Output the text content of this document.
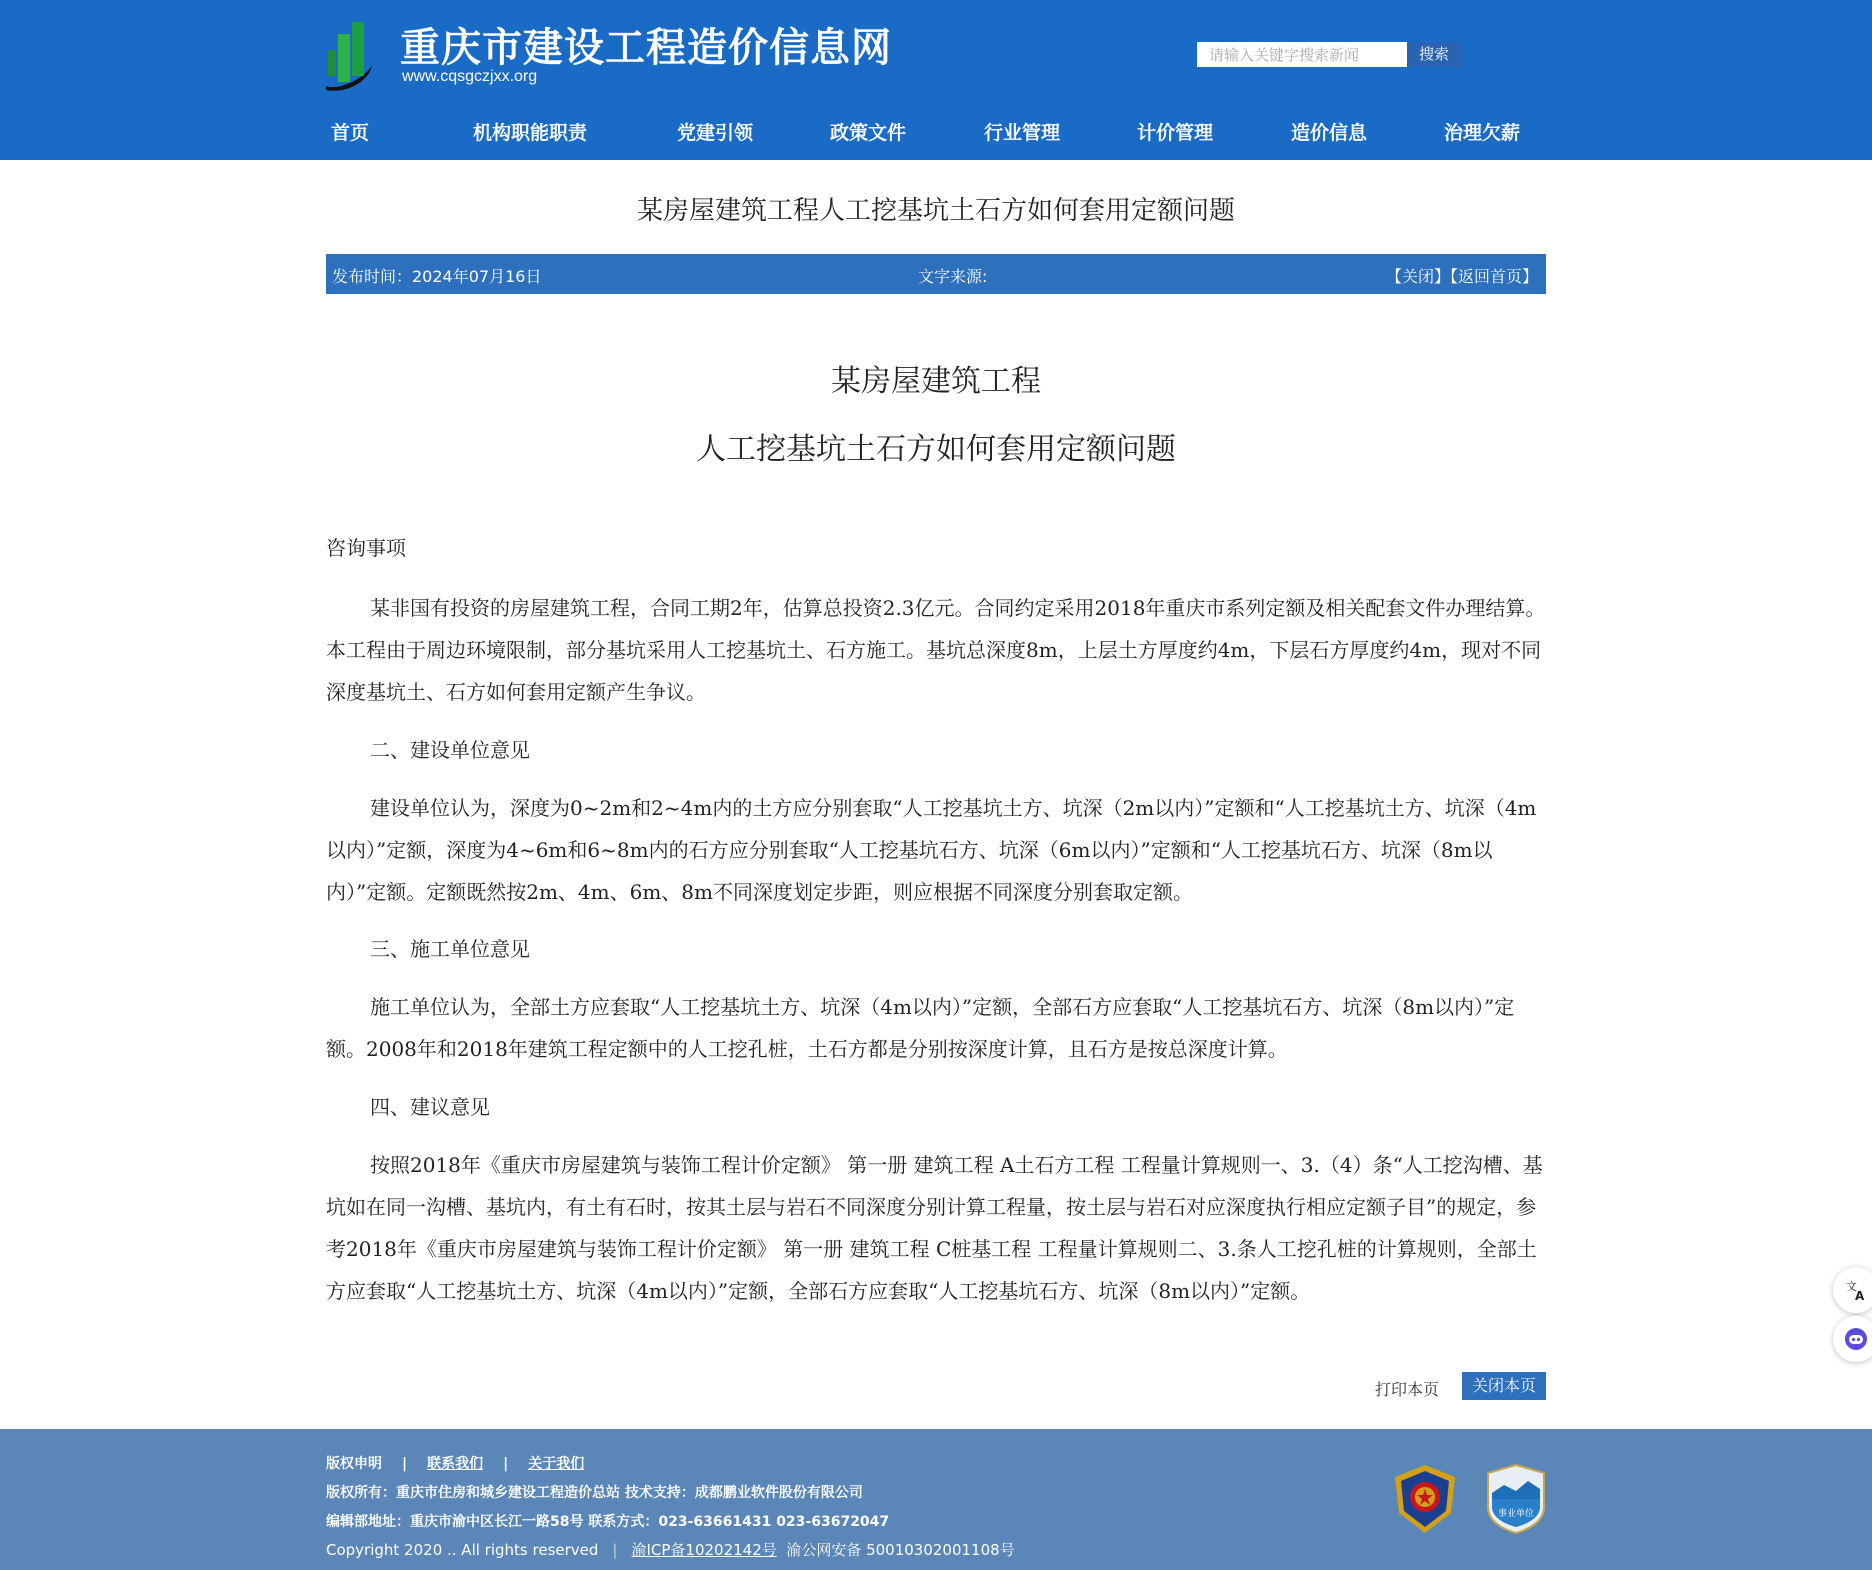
重庆市建设工程造价信息网
www.cqsgczjxx.org
请输入关键字搜索新闻
搜索
首页	机构职能职责	党建引领	政策文件	行业管理	计价管理	造价信息	治理欠薪
某房屋建筑工程人工挖基坑土石方如何套用定额问题
发布时间：2024年07月16日	文字来源:	【关闭】【返回首页】
某房屋建筑工程
人工挖基坑土石方如何套用定额问题

咨询事项

某非国有投资的房屋建筑工程，合同工期2年，估算总投资2.3亿元。合同约定采用2018年重庆市系列定额及相关配套文件办理结算。本工程由于周边环境限制，部分基坑采用人工挖基坑土、石方施工。基坑总深度8m，上层土方厚度约4m，下层石方厚度约4m，现对不同深度基坑土、石方如何套用定额产生争议。

二、建设单位意见

建设单位认为，深度为0~2m和2~4m内的土方应分别套取“人工挖基坑土方、坑深（2m以内）”定额和“人工挖基坑土方、坑深（4m以内）”定额，深度为4~6m和6~8m内的石方应分别套取“人工挖基坑石方、坑深（6m以内）”定额和“人工挖基坑石方、坑深（8m以内）”定额。定额既然按2m、4m、6m、8m不同深度划定步距，则应根据不同深度分别套取定额。

三、施工单位意见

施工单位认为，全部土方应套取“人工挖基坑土方、坑深（4m以内）”定额，全部石方应套取“人工挖基坑石方、坑深（8m以内）”定额。2008年和2018年建筑工程定额中的人工挖孔桩，土石方都是分别按深度计算，且石方是按总深度计算。

四、建议意见

按照2018年《重庆市房屋建筑与装饰工程计价定额》 第一册 建筑工程 A土石方工程 工程量计算规则一、3.（4）条“人工挖沟槽、基坑如在同一沟槽、基坑内，有土有石时，按其土层与岩石不同深度分别计算工程量，按土层与岩石对应深度执行相应定额子目”的规定，参考2018年《重庆市房屋建筑与装饰工程计价定额》 第一册 建筑工程 C桩基工程 工程量计算规则二、3.条人工挖孔桩的计算规则，全部土方应套取“人工挖基坑土方、坑深（4m以内）”定额，全部石方应套取“人工挖基坑石方、坑深（8m以内）”定额。

打印本页	关闭本页
文
A
版权申明 | 联系我们 | 关于我们
版权所有：重庆市住房和城乡建设工程造价总站 技术支持：成都鹏业软件股份有限公司
编辑部地址：重庆市渝中区长江一路58号 联系方式：023-63661431 023-63672047
Copyright 2020 .. All rights reserved | 渝ICP备10202142号 渝公网安备 50010302001108号
事业单位
